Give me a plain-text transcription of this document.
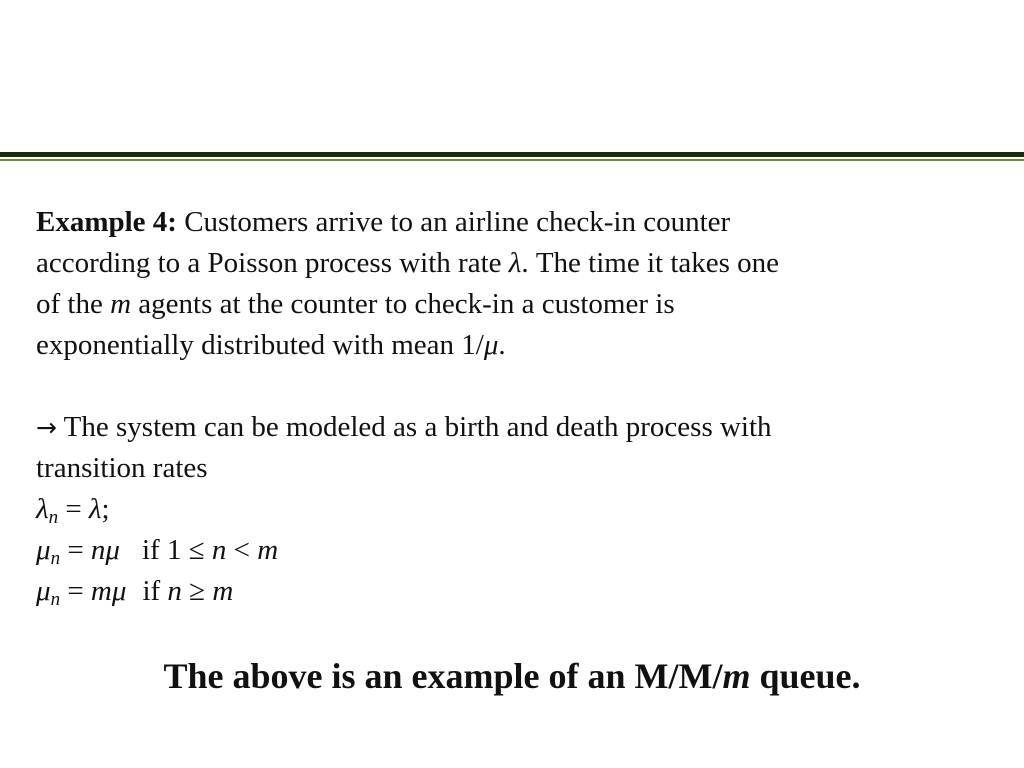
Example 4: Customers arrive to an airline check-in counter
according to a Poisson process with rate λ. The time it takes one
of the m agents at the counter to check-in a customer is
exponentially distributed with mean 1/μ.

→ The system can be modeled as a birth and death process with
transition rates

$\lambda_n = \lambda$;

$\mu_n = n\mu$ if 1 ≤ n < m

$\mu_n = m\mu$ if n ≥ m

The above is an example of an M/M/m queue.
